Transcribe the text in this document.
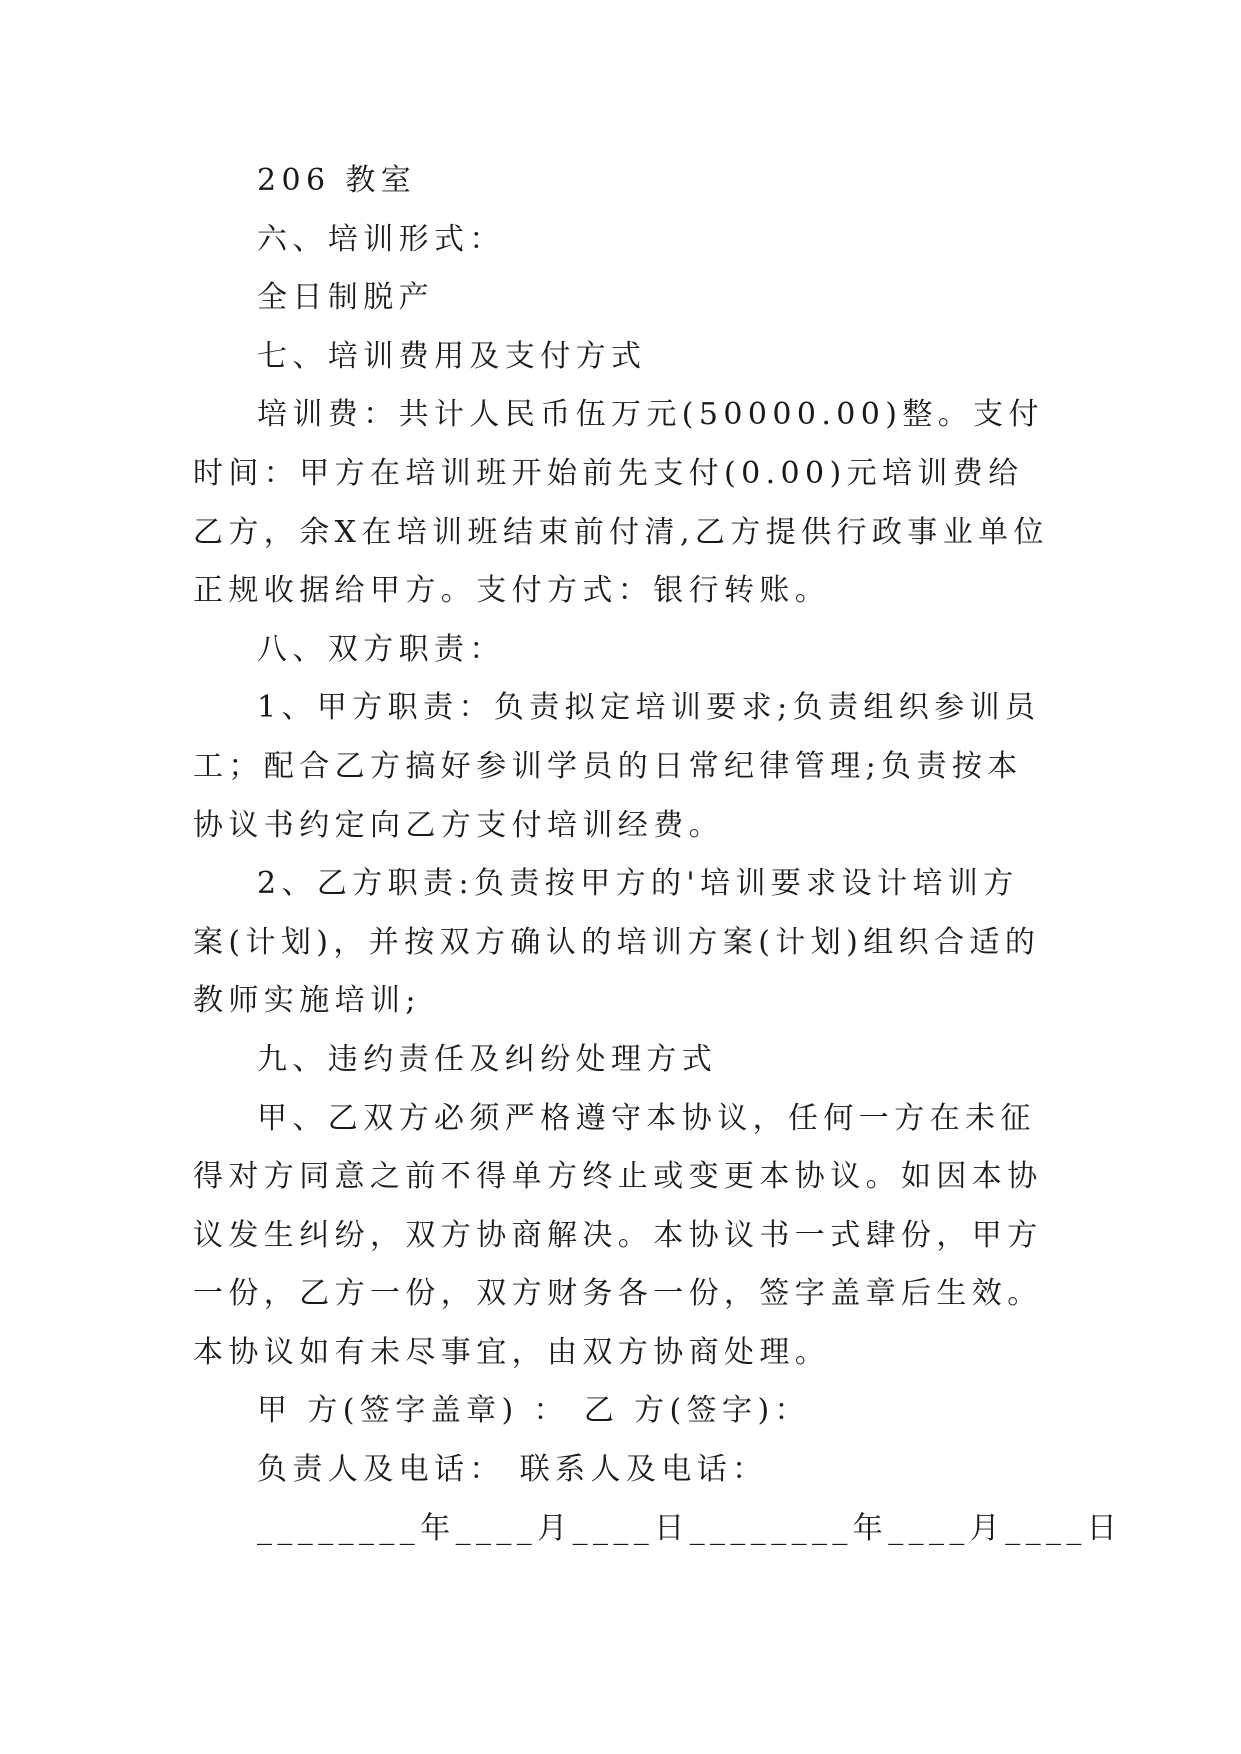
206 教室

六、培训形式：

全日制脱产

七、培训费用及支付方式

培训费：共计人民币伍万元(50000.00)整。支付时间：甲方在培训班开始前先支付(0.00)元培训费给乙方，余X在培训班结束前付清,乙方提供行政事业单位正规收据给甲方。支付方式：银行转账。

八、双方职责：

1、甲方职责：负责拟定培训要求;负责组织参训员工；配合乙方搞好参训学员的日常纪律管理;负责按本协议书约定向乙方支付培训经费。

2、乙方职责:负责按甲方的'培训要求设计培训方案(计划)，并按双方确认的培训方案(计划)组织合适的教师实施培训;

九、违约责任及纠纷处理方式

甲、乙双方必须严格遵守本协议，任何一方在未征得对方同意之前不得单方终止或变更本协议。如因本协议发生纠纷，双方协商解决。本协议书一式肆份，甲方一份，乙方一份，双方财务各一份，签字盖章后生效。本协议如有未尽事宜，由双方协商处理。

甲 方(签字盖章) ： 乙 方(签字)：

负责人及电话： 联系人及电话：

________年____月____日________年____月____日
